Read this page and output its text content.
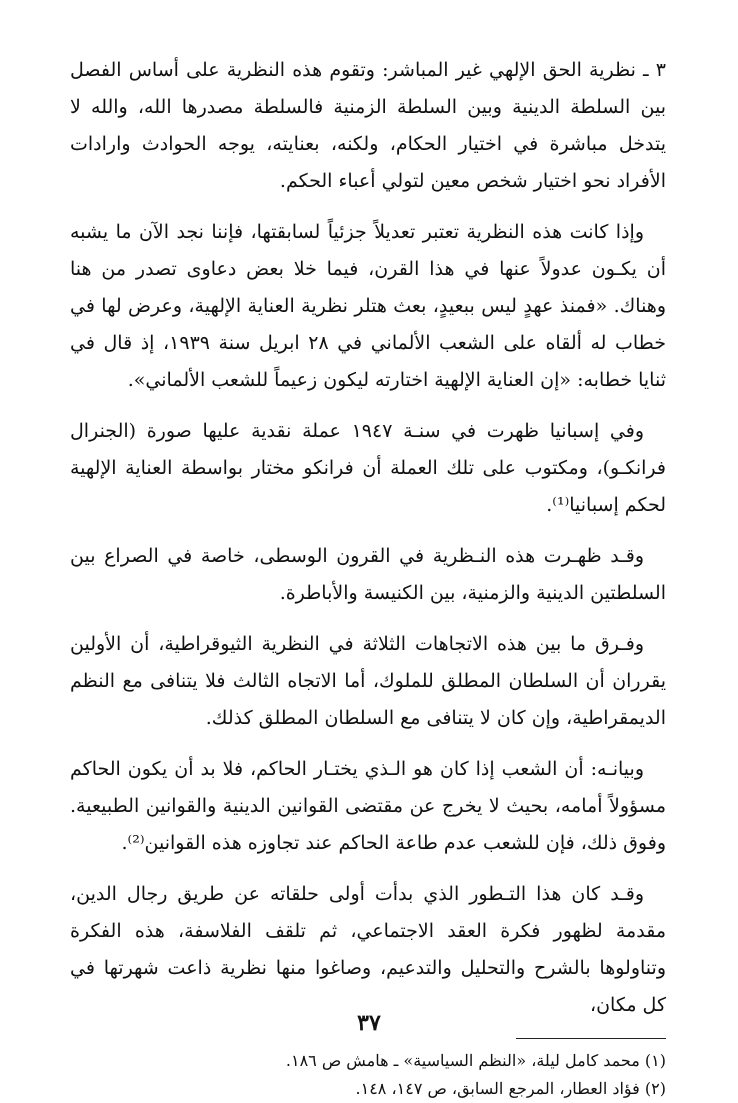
٣ ـ نظرية الحق الإلهي غير المباشر: وتقوم هذه النظرية على أساس الفصل بين السلطة الدينية وبين السلطة الزمنية فالسلطة مصدرها الله، والله لا يتدخل مباشرة في اختيار الحكام، ولكنه، بعنايته، يوجه الحوادث وارادات الأفراد نحو اختيار شخص معين لتولي أعباء الحكم.

وإذا كانت هذه النظرية تعتبر تعديلاً جزئياً لسابقتها، فإننا نجد الآن ما يشبه أن يكـون عدولاً عنها في هذا القرن، فيما خلا بعض دعاوى تصدر من هنا وهناك. «فمنذ عهدٍ ليس ببعيدٍ، بعث هتلر نظرية العناية الإلهية، وعرض لها في خطاب له ألقاه على الشعب الألماني في ٢٨ ابريل سنة ١٩٣٩، إذ قال في ثنايا خطابه: «إن العناية الإلهية اختارته ليكون زعيماً للشعب الألماني».

وفي إسبانيا ظهرت في سنـة ١٩٤٧ عملة نقدية عليها صورة (الجنرال فرانكـو)، ومكتوب على تلك العملة أن فرانكو مختار بواسطة العناية الإلهية لحكم إسبانيا⁽¹⁾.

وقـد ظهـرت هذه النـظرية في القرون الوسطى، خاصة في الصراع بين السلطتين الدينية والزمنية، بين الكنيسة والأباطرة.

وفـرق ما بين هذه الاتجاهات الثلاثة في النظرية الثيوقراطية، أن الأولين يقرران أن السلطان المطلق للملوك، أما الاتجاه الثالث فلا يتنافى مع النظم الديمقراطية، وإن كان لا يتنافى مع السلطان المطلق كذلك.

وبيانـه: أن الشعب إذا كان هو الـذي يختـار الحاكم، فلا بد أن يكون الحاكم مسؤولاً أمامه، بحيث لا يخرج عن مقتضى القوانين الدينية والقوانين الطبيعية. وفوق ذلك، فإن للشعب عدم طاعة الحاكم عند تجاوزه هذه القوانين⁽²⁾.

وقـد كان هذا التـطور الذي بدأت أولى حلقاته عن طريق رجال الدين، مقدمة لظهور فكرة العقد الاجتماعي، ثم تلقف الفلاسفة، هذه الفكرة وتناولوها بالشرح والتحليل والتدعيم، وصاغوا منها نظرية ذاعت شهرتها في كل مكان،

(١) محمد كامل ليلة، «النظم السياسية» ـ هامش ص ١٨٦.

(٢) فؤاد العطار، المرجع السابق، ص ١٤٧، ١٤٨.

٣٧
